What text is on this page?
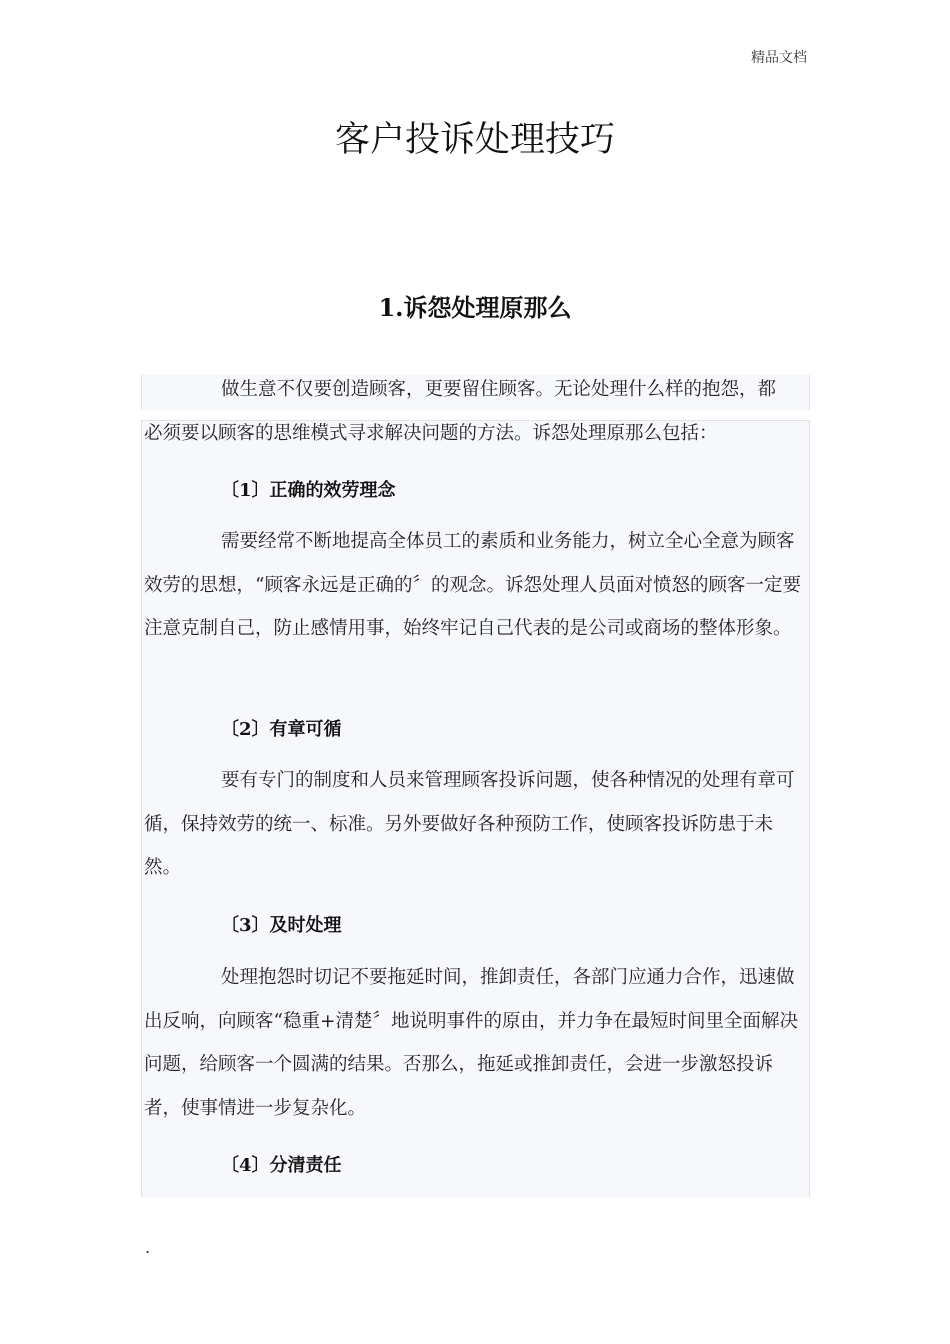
精品文档
客户投诉处理技巧
1.诉怨处理原那么

做生意不仅要创造顾客，更要留住顾客。无论处理什么样的抱怨，都

必须要以顾客的思维模式寻求解决问题的方法。诉怨处理原那么包括：

〔1〕正确的效劳理念

需要经常不断地提高全体员工的素质和业务能力，树立全心全意为顾客效劳的思想，“顾客永远是正确的〞的观念。诉怨处理人员面对愤怒的顾客一定要注意克制自己，防止感情用事，始终牢记自己代表的是公司或商场的整体形象。

〔2〕有章可循

要有专门的制度和人员来管理顾客投诉问题，使各种情况的处理有章可循，保持效劳的统一、标准。另外要做好各种预防工作，使顾客投诉防患于未然。

〔3〕及时处理

处理抱怨时切记不要拖延时间，推卸责任，各部门应通力合作，迅速做出反响，向顾客“稳重+清楚〞地说明事件的原由，并力争在最短时间里全面解决问题，给顾客一个圆满的结果。否那么，拖延或推卸责任，会进一步激怒投诉者，使事情进一步复杂化。

〔4〕分清责任

.
